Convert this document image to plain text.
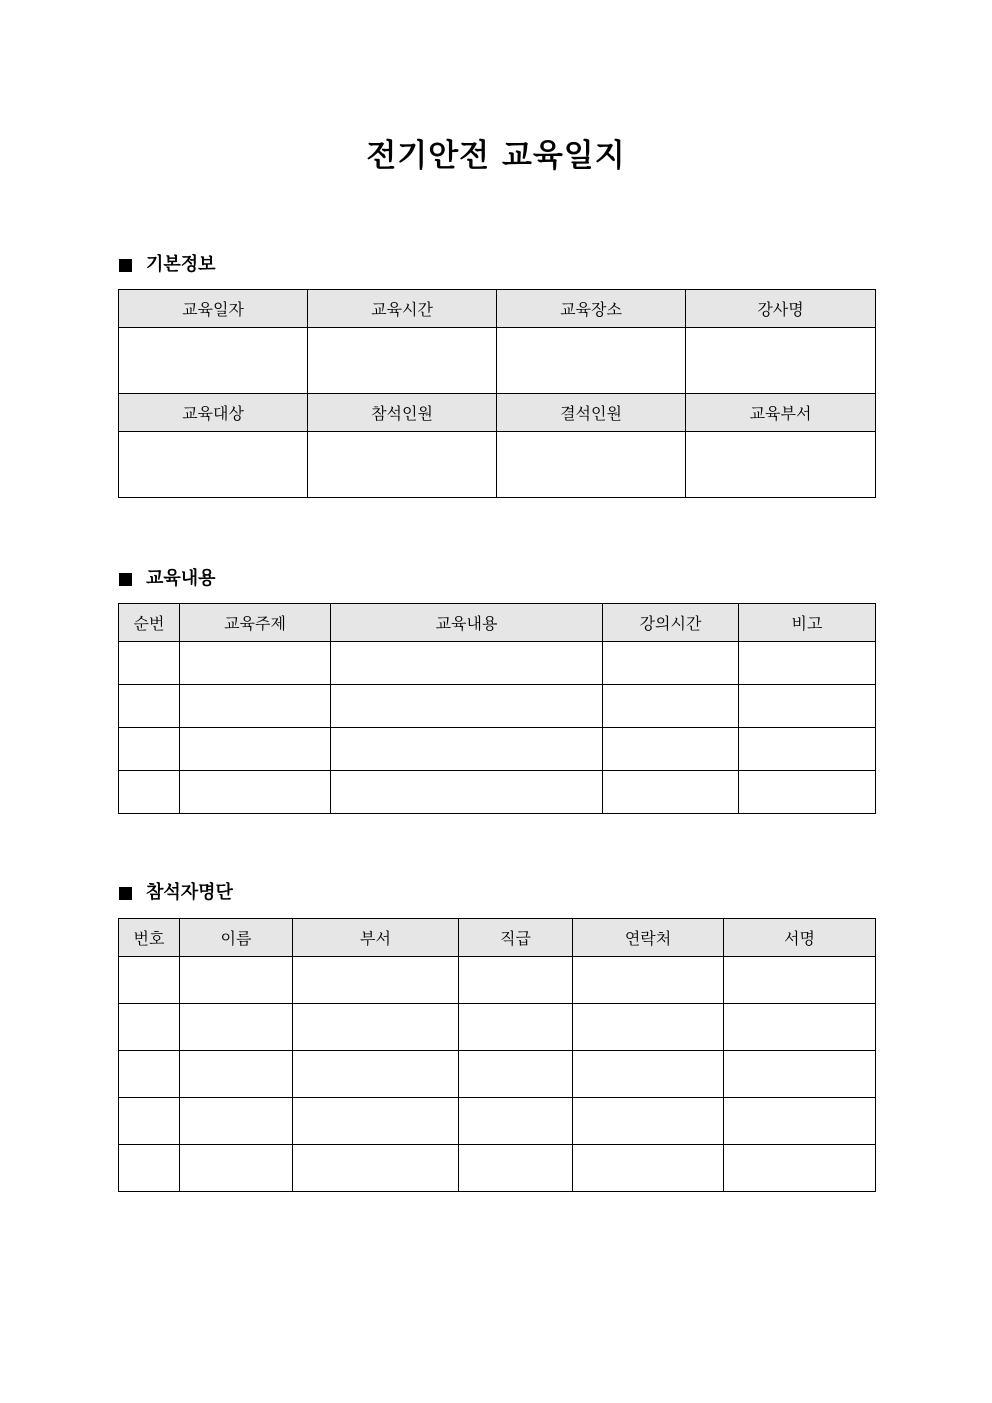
전기안전 교육일지
기본정보
교육일자	교육시간	교육장소	강사명

교육대상	참석인원	결석인원	교육부서

교육내용
순번	교육주제	교육내용	강의시간	비고

참석자명단
번호	이름	부서	직급	연락처	서명
